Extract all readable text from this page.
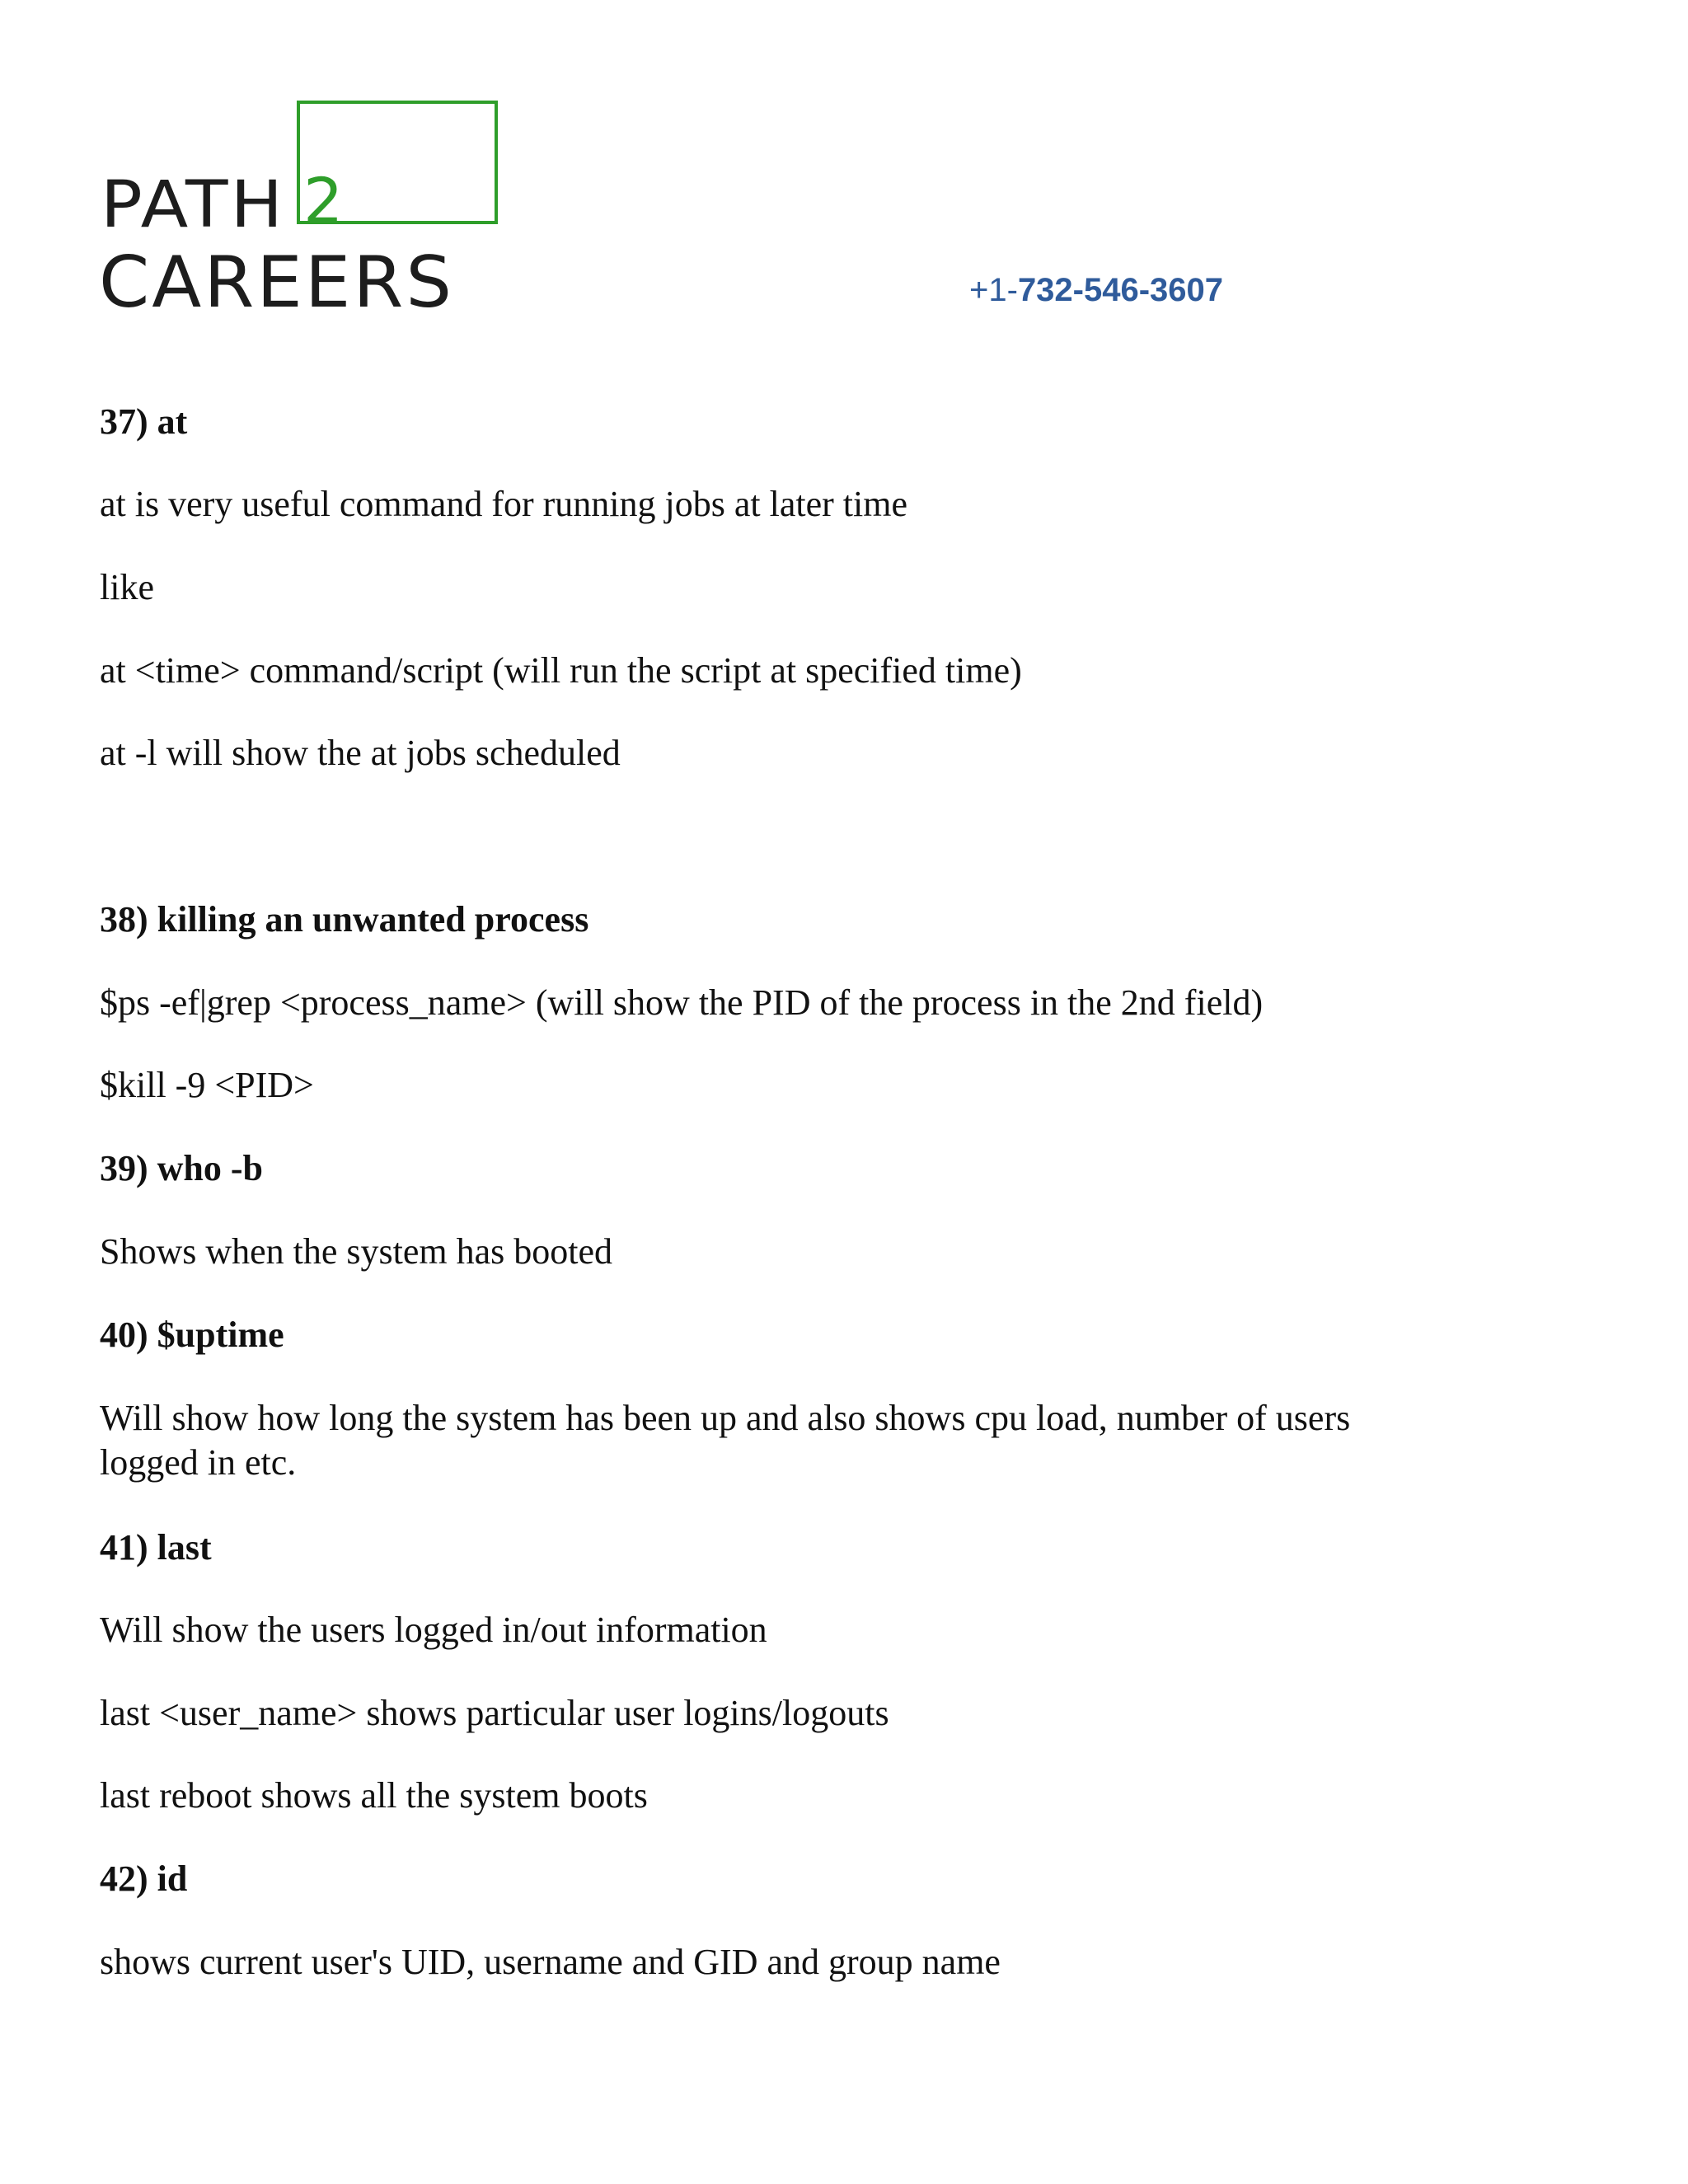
PATH 2
CAREERS	+1-732-546-3607
37) at
at is very useful command for running jobs at later time
like
at <time> command/script (will run the script at specified time)
at -l will show the at jobs scheduled
38) killing an unwanted process
$ps -ef|grep <process_name> (will show the PID of the process in the 2nd field)
$kill -9 <PID>
39) who -b
Shows when the system has booted
40) $uptime
Will show how long the system has been up and also shows cpu load, number of users
logged in etc.
41) last
Will show the users logged in/out information
last <user_name> shows particular user logins/logouts
last reboot shows all the system boots
42) id
shows current user's UID, username and GID and group name
